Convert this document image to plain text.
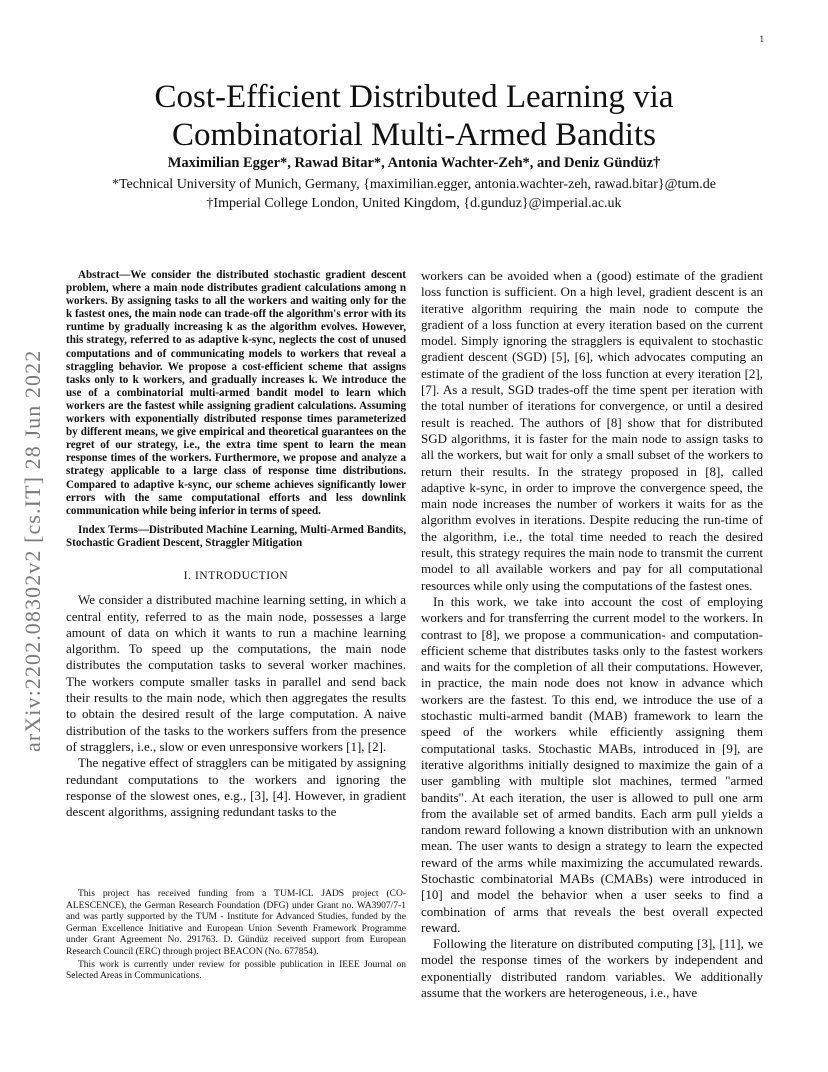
1
arXiv:2202.08302v2 [cs.IT] 28 Jun 2022
Cost-Efficient Distributed Learning via
Combinatorial Multi-Armed Bandits
Maximilian Egger*, Rawad Bitar*, Antonia Wachter-Zeh*, and Deniz Gündüz†
*Technical University of Munich, Germany, {maximilian.egger, antonia.wachter-zeh, rawad.bitar}@tum.de
†Imperial College London, United Kingdom, {d.gunduz}@imperial.ac.uk

Abstract—We consider the distributed stochastic gradient descent problem, where a main node distributes gradient calculations among n workers. By assigning tasks to all the workers and waiting only for the k fastest ones, the main node can trade-off the algorithm's error with its runtime by gradually increasing k as the algorithm evolves. However, this strategy, referred to as adaptive k-sync, neglects the cost of unused computations and of communicating models to workers that reveal a straggling behavior. We propose a cost-efficient scheme that assigns tasks only to k workers, and gradually increases k. We introduce the use of a combinatorial multi-armed bandit model to learn which workers are the fastest while assigning gradient calculations. Assuming workers with exponentially distributed response times parameterized by different means, we give empirical and theoretical guarantees on the regret of our strategy, i.e., the extra time spent to learn the mean response times of the workers. Furthermore, we propose and analyze a strategy applicable to a large class of response time distributions. Compared to adaptive k-sync, our scheme achieves significantly lower errors with the same computational efforts and less downlink communication while being inferior in terms of speed.

Index Terms—Distributed Machine Learning, Multi-Armed Bandits, Stochastic Gradient Descent, Straggler Mitigation

I. INTRODUCTION

We consider a distributed machine learning setting, in which a central entity, referred to as the main node, possesses a large amount of data on which it wants to run a machine learning algorithm. To speed up the computations, the main node distributes the computation tasks to several worker machines. The workers compute smaller tasks in parallel and send back their results to the main node, which then aggregates the results to obtain the desired result of the large computation. A naive distribution of the tasks to the workers suffers from the presence of stragglers, i.e., slow or even unresponsive workers [1], [2].

The negative effect of stragglers can be mitigated by assigning redundant computations to the workers and ignoring the response of the slowest ones, e.g., [3], [4]. However, in gradient descent algorithms, assigning redundant tasks to the

This project has received funding from a TUM-ICL JADS project (CO-ALESCENCE), the German Research Foundation (DFG) under Grant no. WA3907/7-1 and was partly supported by the TUM - Institute for Advanced Studies, funded by the German Excellence Initiative and European Union Seventh Framework Programme under Grant Agreement No. 291763. D. Gündüz received support from European Research Council (ERC) through project BEACON (No. 677854).

This work is currently under review for possible publication in IEEE Journal on Selected Areas in Communications.

workers can be avoided when a (good) estimate of the gradient loss function is sufficient. On a high level, gradient descent is an iterative algorithm requiring the main node to compute the gradient of a loss function at every iteration based on the current model. Simply ignoring the stragglers is equivalent to stochastic gradient descent (SGD) [5], [6], which advocates computing an estimate of the gradient of the loss function at every iteration [2], [7]. As a result, SGD trades-off the time spent per iteration with the total number of iterations for convergence, or until a desired result is reached. The authors of [8] show that for distributed SGD algorithms, it is faster for the main node to assign tasks to all the workers, but wait for only a small subset of the workers to return their results. In the strategy proposed in [8], called adaptive k-sync, in order to improve the convergence speed, the main node increases the number of workers it waits for as the algorithm evolves in iterations. Despite reducing the run-time of the algorithm, i.e., the total time needed to reach the desired result, this strategy requires the main node to transmit the current model to all available workers and pay for all computational resources while only using the computations of the fastest ones.

In this work, we take into account the cost of employing workers and for transferring the current model to the workers. In contrast to [8], we propose a communication- and computation-efficient scheme that distributes tasks only to the fastest workers and waits for the completion of all their computations. However, in practice, the main node does not know in advance which workers are the fastest. To this end, we introduce the use of a stochastic multi-armed bandit (MAB) framework to learn the speed of the workers while efficiently assigning them computational tasks. Stochastic MABs, introduced in [9], are iterative algorithms initially designed to maximize the gain of a user gambling with multiple slot machines, termed "armed bandits". At each iteration, the user is allowed to pull one arm from the available set of armed bandits. Each arm pull yields a random reward following a known distribution with an unknown mean. The user wants to design a strategy to learn the expected reward of the arms while maximizing the accumulated rewards. Stochastic combinatorial MABs (CMABs) were introduced in [10] and model the behavior when a user seeks to find a combination of arms that reveals the best overall expected reward.

Following the literature on distributed computing [3], [11], we model the response times of the workers by independent and exponentially distributed random variables. We additionally assume that the workers are heterogeneous, i.e., have
